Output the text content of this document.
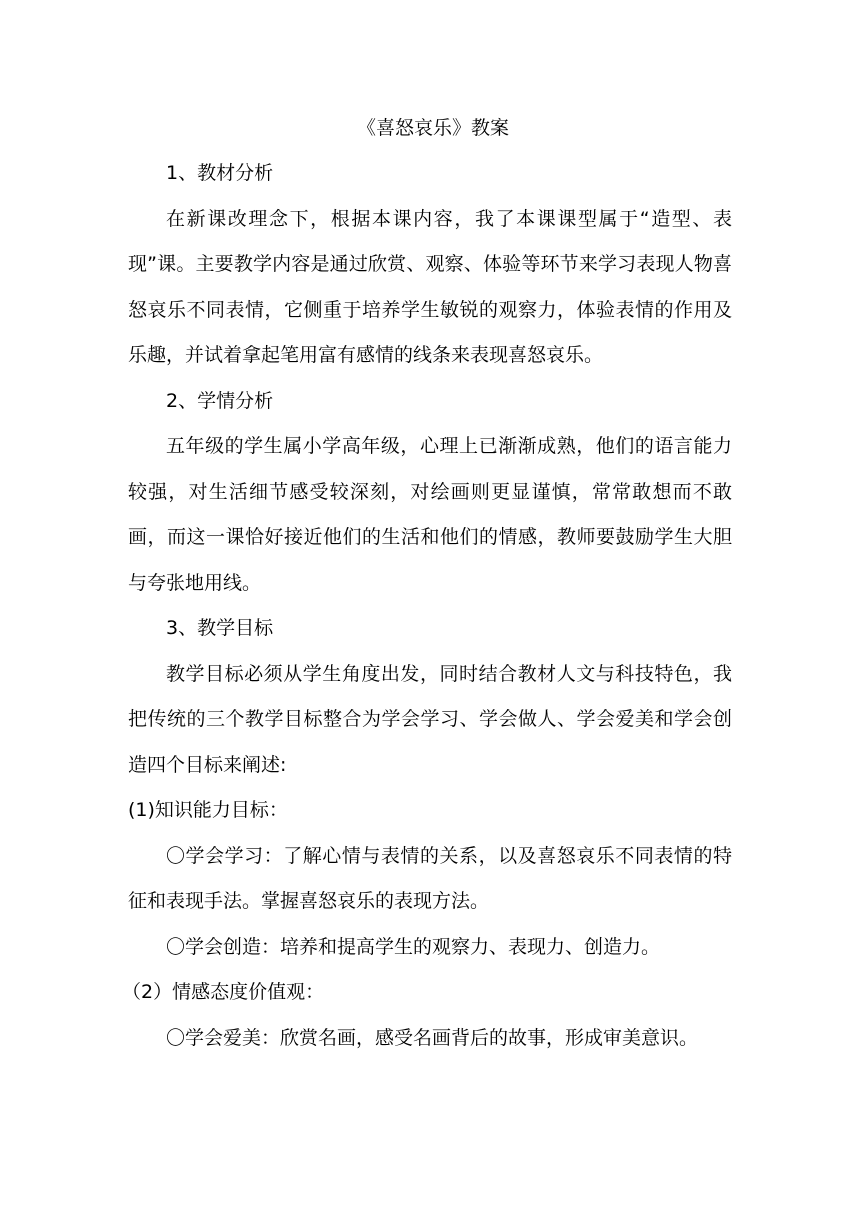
《喜怒哀乐》教案

1、教材分析

在新课改理念下，根据本课内容，我了本课课型属于“造型、表现”课。主要教学内容是通过欣赏、观察、体验等环节来学习表现人物喜怒哀乐不同表情，它侧重于培养学生敏锐的观察力，体验表情的作用及乐趣，并试着拿起笔用富有感情的线条来表现喜怒哀乐。

2、学情分析

五年级的学生属小学高年级，心理上已渐渐成熟，他们的语言能力较强，对生活细节感受较深刻，对绘画则更显谨慎，常常敢想而不敢画，而这一课恰好接近他们的生活和他们的情感，教师要鼓励学生大胆与夸张地用线。

3、教学目标

教学目标必须从学生角度出发，同时结合教材人文与科技特色，我把传统的三个教学目标整合为学会学习、学会做人、学会爱美和学会创造四个目标来阐述:

(1)知识能力目标：

〇学会学习：了解心情与表情的关系，以及喜怒哀乐不同表情的特征和表现手法。掌握喜怒哀乐的表现方法。

〇学会创造：培养和提高学生的观察力、表现力、创造力。

（2）情感态度价值观：

〇学会爱美：欣赏名画，感受名画背后的故事，形成审美意识。
